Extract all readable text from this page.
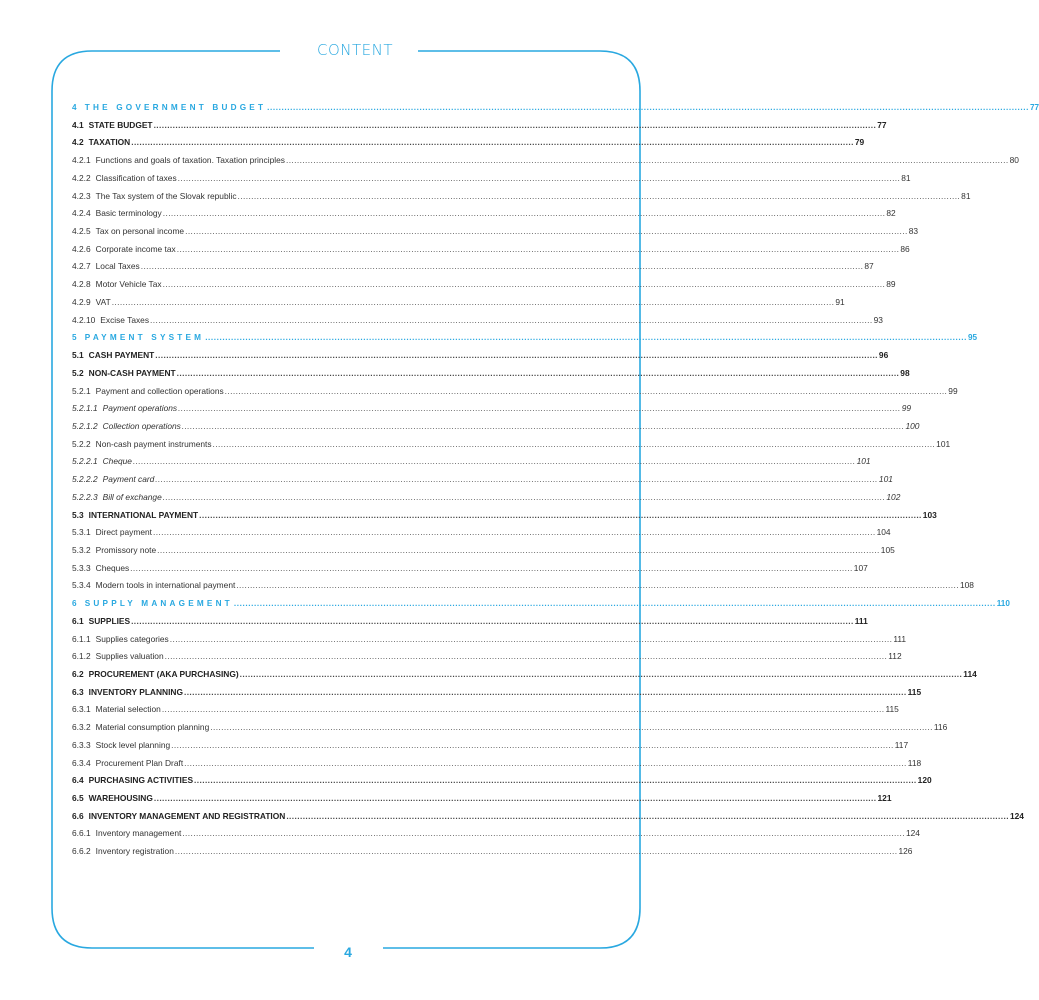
CONTENT
4 THE GOVERNMENT BUDGET .....	77
4.1 STATE BUDGET .....	77
4.2 TAXATION .....	79
4.2.1 Functions and goals of taxation. Taxation principles .....	80
4.2.2 Classification of taxes .....	81
4.2.3 The Tax system of the Slovak republic .....	81
4.2.4 Basic terminology .....	82
4.2.5 Tax on personal income .....	83
4.2.6 Corporate income tax .....	86
4.2.7 Local Taxes .....	87
4.2.8 Motor Vehicle Tax .....	89
4.2.9 VAT .....	91
4.2.10 Excise Taxes .....	93
5 PAYMENT SYSTEM .....	95
5.1 CASH PAYMENT .....	96
5.2 NON-CASH PAYMENT .....	98
5.2.1 Payment and collection operations .....	99
5.2.1.1 Payment operations .....	99
5.2.1.2 Collection operations .....	100
5.2.2 Non-cash payment instruments .....	101
5.2.2.1 Cheque .....	101
5.2.2.2 Payment card .....	101
5.2.2.3 Bill of exchange .....	102
5.3 INTERNATIONAL PAYMENT .....	103
5.3.1 Direct payment .....	104
5.3.2 Promissory note .....	105
5.3.3 Cheques .....	107
5.3.4 Modern tools in international payment .....	108
6 SUPPLY MANAGEMENT .....	110
6.1 SUPPLIES .....	111
6.1.1 Supplies categories .....	111
6.1.2 Supplies valuation .....	112
6.2 PROCUREMENT (AKA PURCHASING) .....	114
6.3 INVENTORY PLANNING .....	115
6.3.1 Material selection .....	115
6.3.2 Material consumption planning .....	116
6.3.3 Stock level planning .....	117
6.3.4 Procurement Plan Draft .....	118
6.4 PURCHASING ACTIVITIES .....	120
6.5 WAREHOUSING .....	121
6.6 INVENTORY MANAGEMENT AND REGISTRATION .....	124
6.6.1 Inventory management .....	124
6.6.2 Inventory registration .....	126
4
